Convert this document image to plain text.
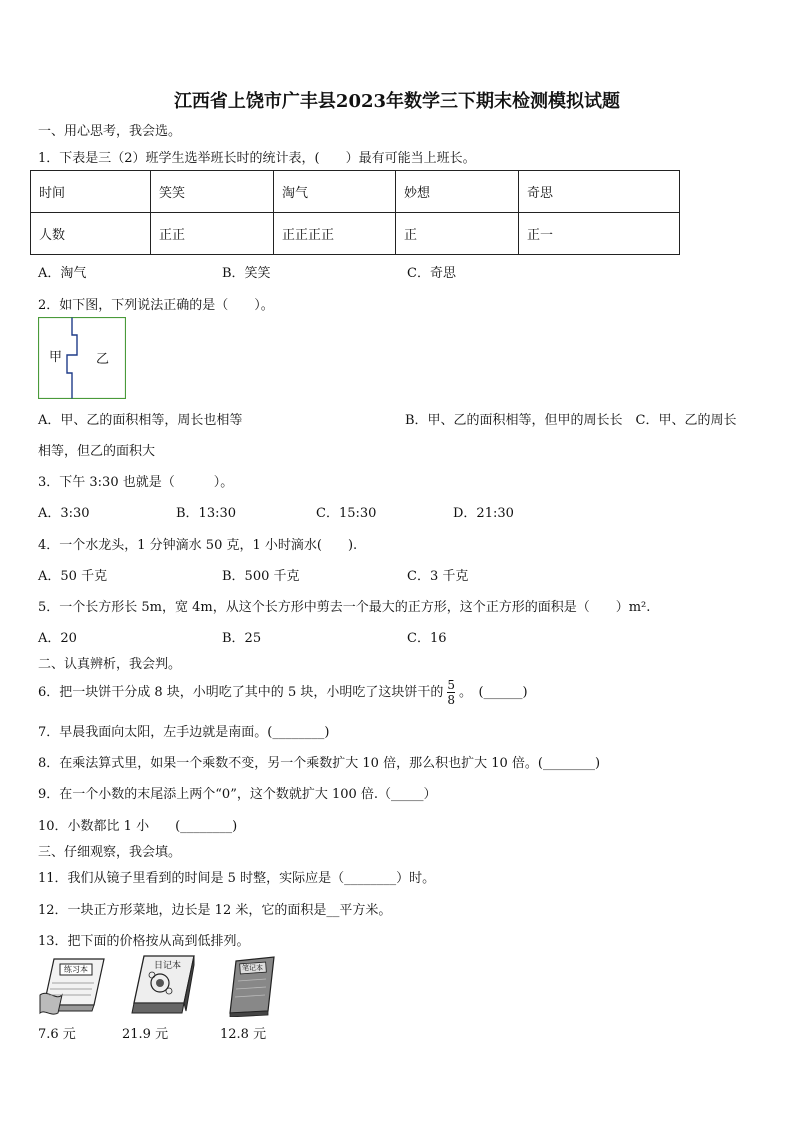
江西省上饶市广丰县2023年数学三下期末检测模拟试题
一、用心思考，我会选。
1．下表是三（2）班学生选举班长时的统计表，(　　）最有可能当上班长。
时间	笑笑	淘气	妙想	奇思
人数	正正	正正正正	正	正一
A．淘气	B．笑笑	C．奇思
2．如下图，下列说法正确的是（　　）。
甲	乙
A．甲、乙的面积相等，周长也相等	B．甲、乙的面积相等，但甲的周长长　C．甲、乙的周长
相等，但乙的面积大
3．下午 3:30 也就是（　　　）。
A．3:30	B．13:30	C．15:30	D．21:30
4．一个水龙头，1 分钟滴水 50 克，1 小时滴水(　　).
A．50 千克	B．500 千克	C．3 千克
5．一个长方形长 5m，宽 4m，从这个长方形中剪去一个最大的正方形，这个正方形的面积是（　　）m².
A．20	B．25	C．16
二、认真辨析，我会判。
6．把一块饼干分成 8 块，小明吃了其中的 5 块，小明吃了这块饼干的 $\frac{5}{8}$ 。　(______)
7．早晨我面向太阳，左手边就是南面。(________)
8．在乘法算式里，如果一个乘数不变，另一个乘数扩大 10 倍，那么积也扩大 10 倍。(________)
9．在一个小数的末尾添上两个“0”，这个数就扩大 100 倍.（_____）
10．小数都比 1 小　　(________)
三、仔细观察，我会填。
11．我们从镜子里看到的时间是 5 时整，实际应是（________）时。
12．一块正方形菜地，边长是 12 米，它的面积是__平方米。
13．把下面的价格按从高到低排列。
练习本
7.6 元
日记本
21.9 元
笔记本
12.8 元
